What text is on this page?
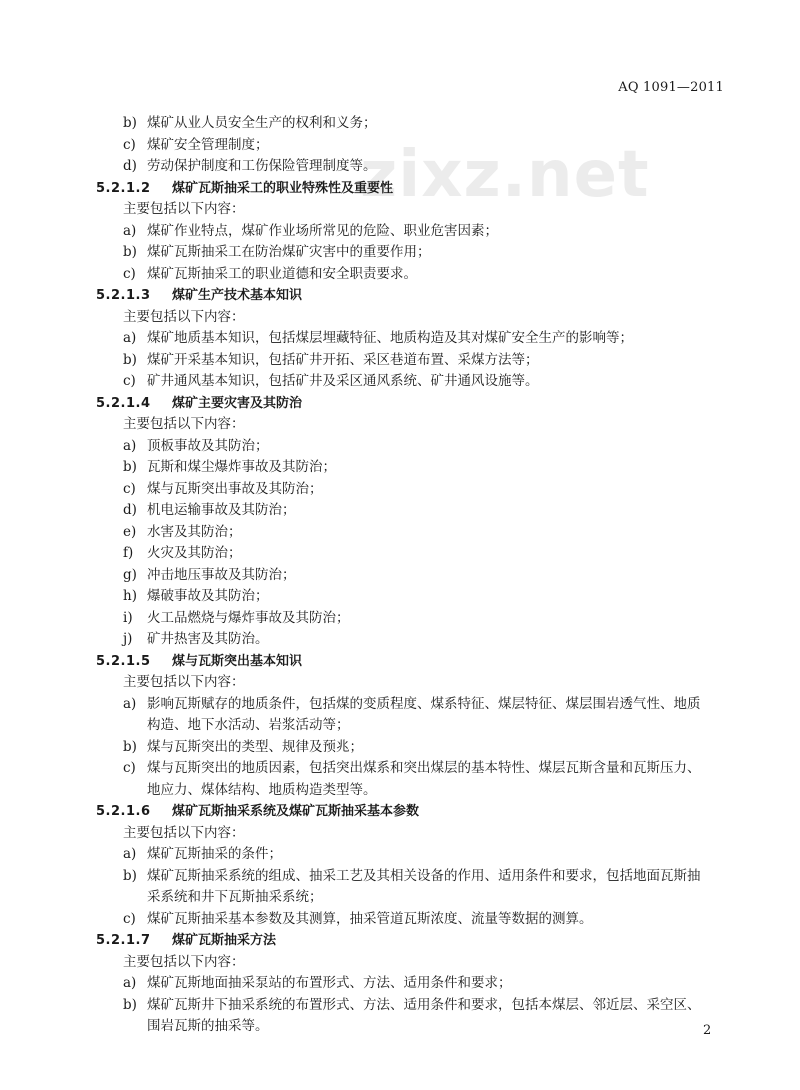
AQ 1091—2011
zixz.net
b) 煤矿从业人员安全生产的权利和义务；
c) 煤矿安全管理制度；
d) 劳动保护制度和工伤保险管理制度等。
5.2.1.2 煤矿瓦斯抽采工的职业特殊性及重要性
主要包括以下内容：
a) 煤矿作业特点，煤矿作业场所常见的危险、职业危害因素；
b) 煤矿瓦斯抽采工在防治煤矿灾害中的重要作用；
c) 煤矿瓦斯抽采工的职业道德和安全职责要求。
5.2.1.3 煤矿生产技术基本知识
主要包括以下内容：
a) 煤矿地质基本知识，包括煤层埋藏特征、地质构造及其对煤矿安全生产的影响等；
b) 煤矿开采基本知识，包括矿井开拓、采区巷道布置、采煤方法等；
c) 矿井通风基本知识，包括矿井及采区通风系统、矿井通风设施等。
5.2.1.4 煤矿主要灾害及其防治
主要包括以下内容：
a) 顶板事故及其防治；
b) 瓦斯和煤尘爆炸事故及其防治；
c) 煤与瓦斯突出事故及其防治；
d) 机电运输事故及其防治；
e) 水害及其防治；
f) 火灾及其防治；
g) 冲击地压事故及其防治；
h) 爆破事故及其防治；
i) 火工品燃烧与爆炸事故及其防治；
j) 矿井热害及其防治。
5.2.1.5 煤与瓦斯突出基本知识
主要包括以下内容：
a) 影响瓦斯赋存的地质条件，包括煤的变质程度、煤系特征、煤层特征、煤层围岩透气性、地质
构造、地下水活动、岩浆活动等；
b) 煤与瓦斯突出的类型、规律及预兆；
c) 煤与瓦斯突出的地质因素，包括突出煤系和突出煤层的基本特性、煤层瓦斯含量和瓦斯压力、
地应力、煤体结构、地质构造类型等。
5.2.1.6 煤矿瓦斯抽采系统及煤矿瓦斯抽采基本参数
主要包括以下内容：
a) 煤矿瓦斯抽采的条件；
b) 煤矿瓦斯抽采系统的组成、抽采工艺及其相关设备的作用、适用条件和要求，包括地面瓦斯抽
采系统和井下瓦斯抽采系统；
c) 煤矿瓦斯抽采基本参数及其测算，抽采管道瓦斯浓度、流量等数据的测算。
5.2.1.7 煤矿瓦斯抽采方法
主要包括以下内容：
a) 煤矿瓦斯地面抽采泵站的布置形式、方法、适用条件和要求；
b) 煤矿瓦斯井下抽采系统的布置形式、方法、适用条件和要求，包括本煤层、邻近层、采空区、
围岩瓦斯的抽采等。	2
